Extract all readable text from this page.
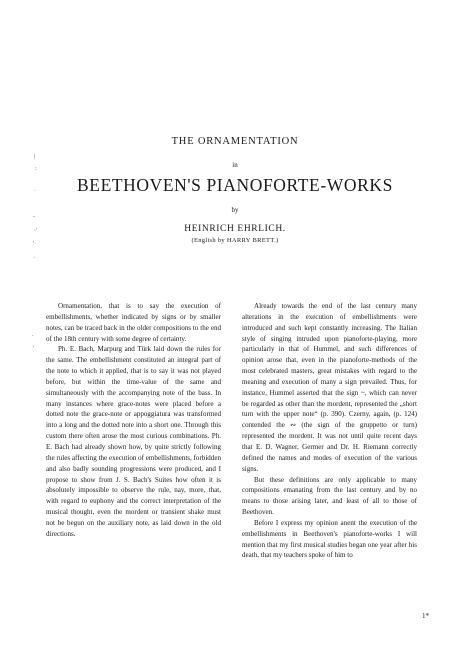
|
:
·
-
·'
'·
.
.
'
THE ORNAMENTATION
in
BEETHOVEN'S PIANOFORTE-WORKS
by
HEINRICH EHRLICH.
(English by HARRY BRETT.)

Ornamentation, that is to say the execution of embellishments, whether indicated by signs or by smaller notes, can be traced back in the older compositions to the end of the 18th century with some degree of certainty.

Ph. E. Bach, Marpurg and Türk laid down the rules for the same. The embellishment constituted an integral part of the note to which it applied, that is to say it was not played before, but within the time-value of the same and simultaneously with the accompanying note of the bass. In many instances where grace-notes were placed before a dotted note the grace-note or appoggiatura was transformed into a long and the dotted note into a short one. Through this custom there often arose the most curious combinations. Ph. E. Bach had already shown how, by quite strictly following the rules affecting the execution of embellishments, forbidden and also badly sounding progressions were produced, and I propose to show from J. S. Bach's Suites how often it is absolutely impossible to observe the rule, nay, more, that, with regard to euphony and the correct interpretation of the musical thought, even the mordent or transient shake must not be begun on the auxiliary note, as laid down in the old directions.

Already towards the end of the last century many alterations in the execution of embellishments were introduced and such kept constantly increasing. The Italian style of singing intruded upon pianoforte-playing, more particularly in that of Hummel, and such differences of opinion arose that, even in the pianoforte-methods of the most celebrated masters, great mistakes with regard to the meaning and execution of many a sign prevailed. Thus, for instance, Hummel asserted that the sign ~, which can never be regarded as other than the mordent, represented the „short turn with the upper note“ (p. 390). Czerny, again, (p. 124) contended the ∾ (the sign of the gruppetto or turn) represented the mordent. It was not until quite recent days that E. D. Wagner, Germer and Dr. H. Riemann correctly defined the names and modes of execution of the various signs.

But these definitions are only applicable to many compositions emanating from the last century and by no means to those arising later, and least of all to those of Beethoven.

Before I express my opinion anent the execution of the embellishments in Beethoven's pianoforte-works I will mention that my first musical studies began one year after his death, that my teachers spoke of him to

1*
